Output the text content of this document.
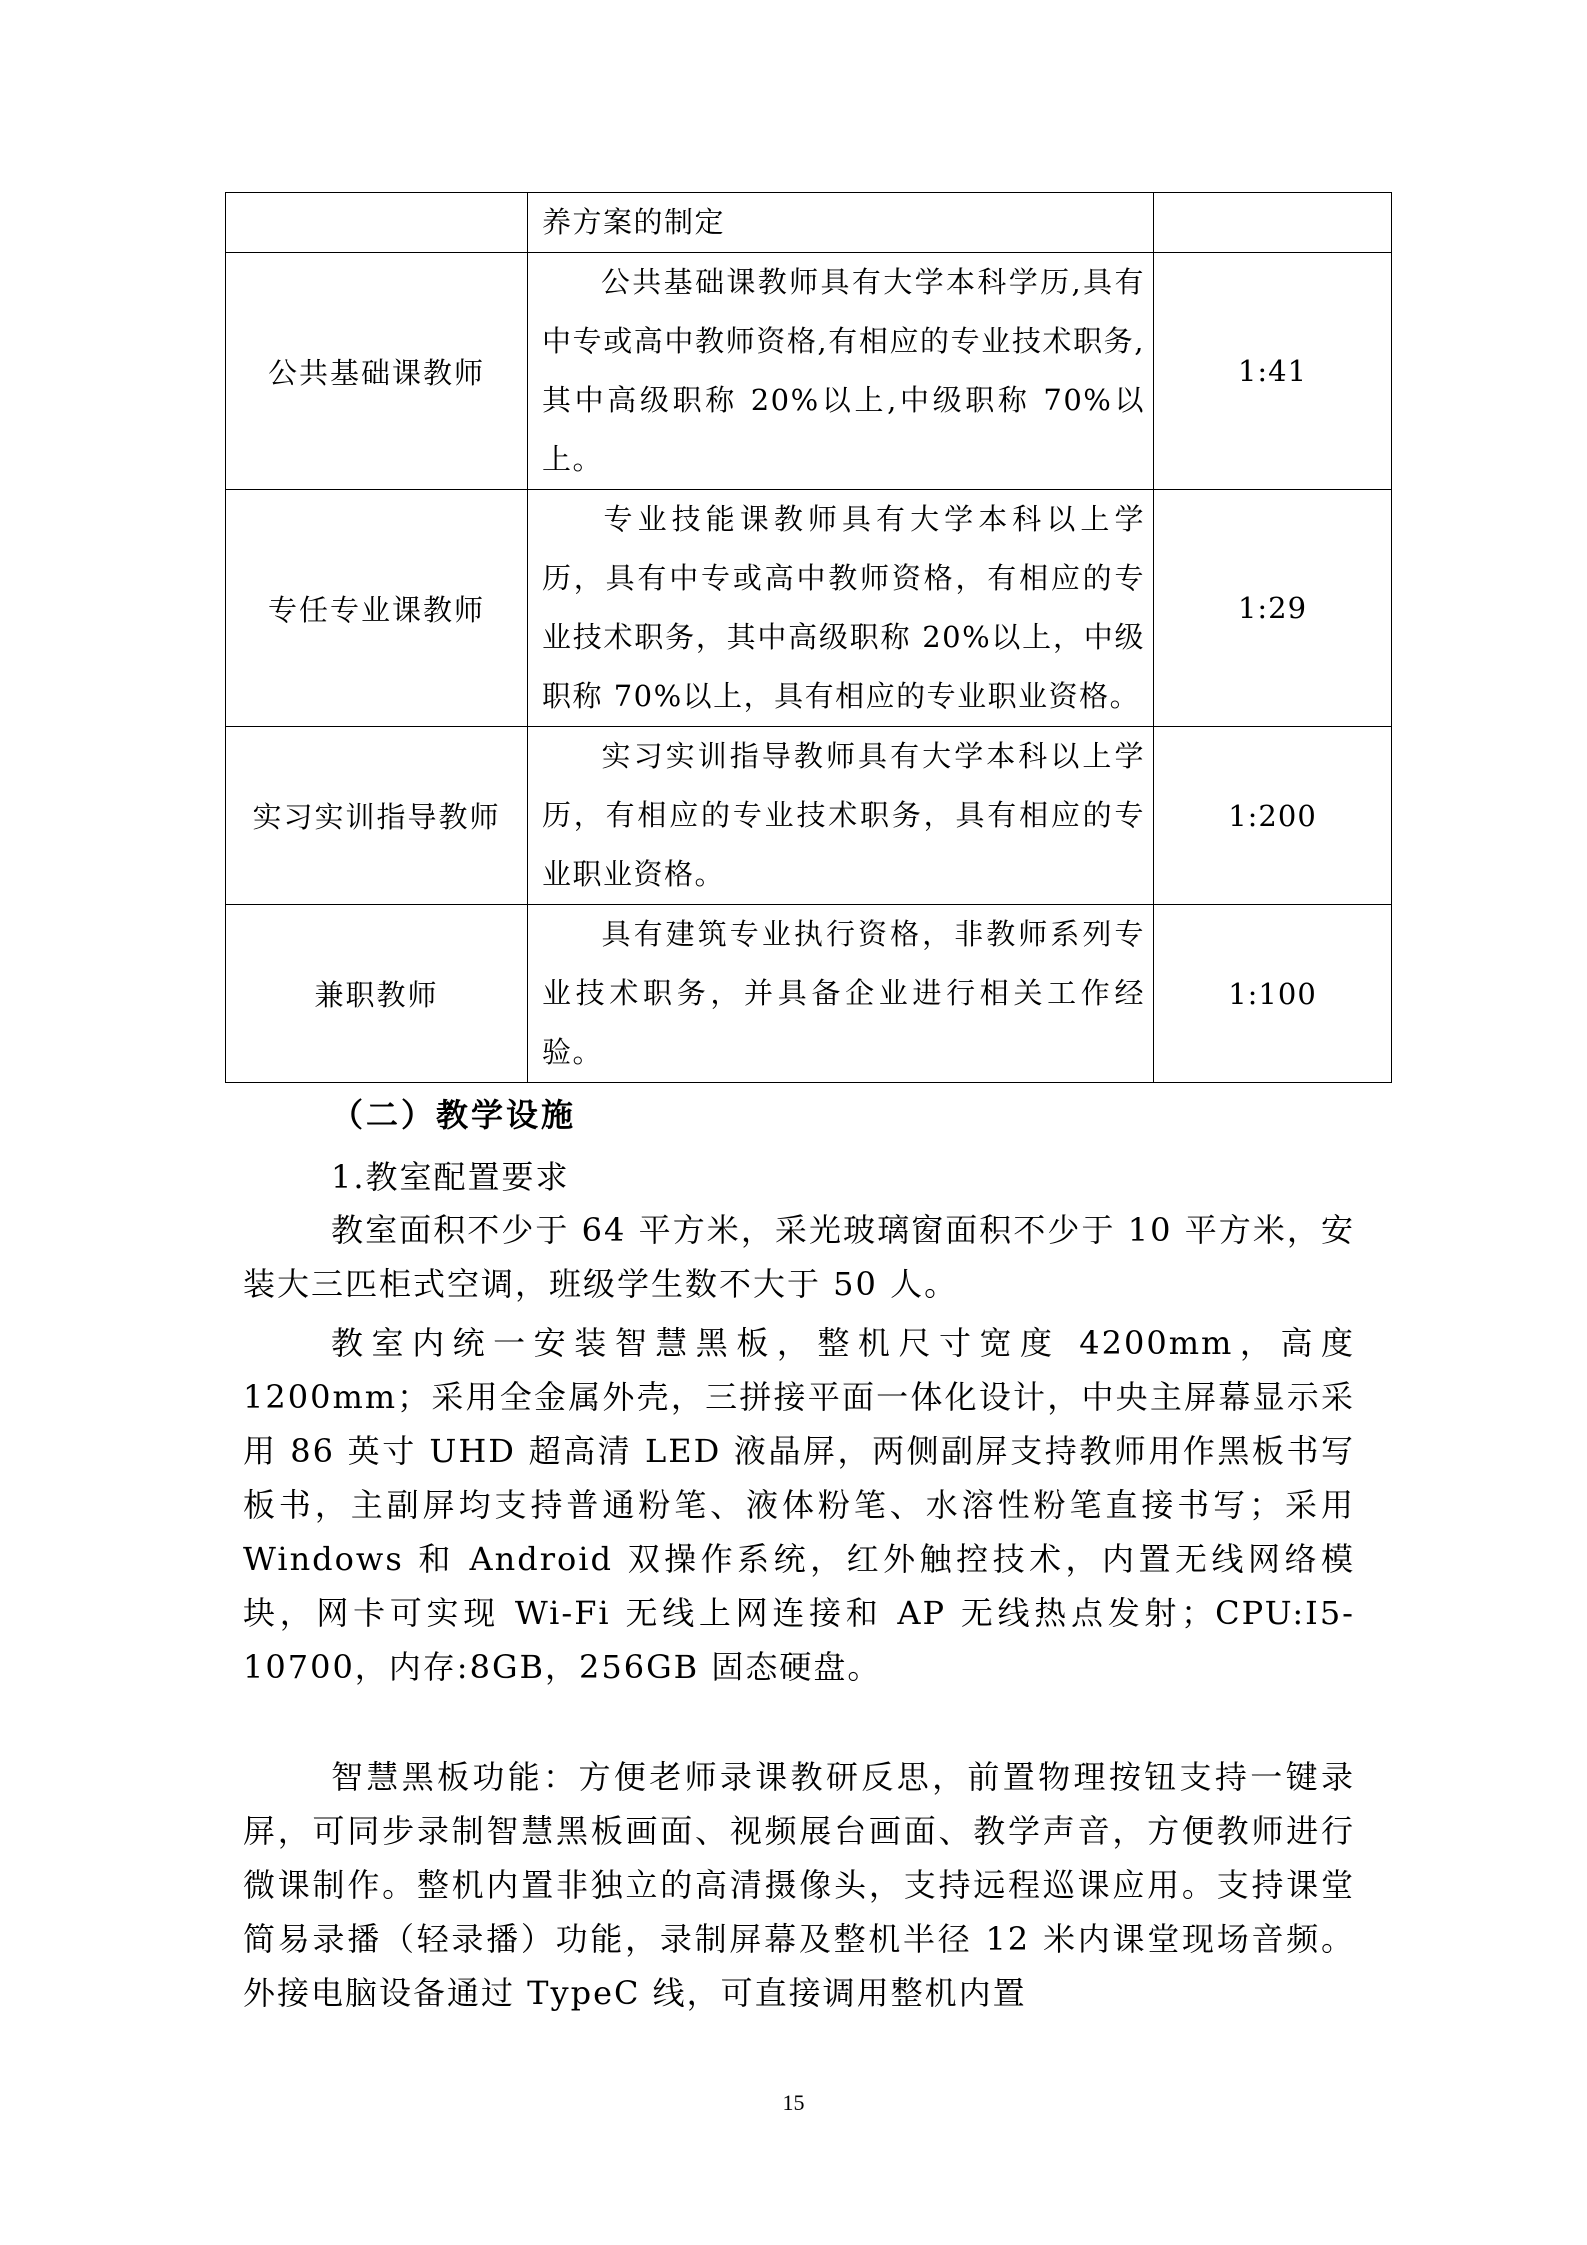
	养方案的制定	
公共基础课教师	公共基础课教师具有大学本科学历,具有中专或高中教师资格,有相应的专业技术职务,其中高级职称 20%以上,中级职称 70%以上。	1:41
专任专业课教师	专业技能课教师具有大学本科以上学历，具有中专或高中教师资格，有相应的专业技术职务，其中高级职称 20%以上，中级职称 70%以上，具有相应的专业职业资格。	1:29
实习实训指导教师	实习实训指导教师具有大学本科以上学历，有相应的专业技术职务，具有相应的专业职业资格。	1:200
兼职教师	具有建筑专业执行资格，非教师系列专业技术职务，并具备企业进行相关工作经验。	1:100
（二）教学设施
1.教室配置要求

教室面积不少于 64 平方米，采光玻璃窗面积不少于 10 平方米，安装大三匹柜式空调，班级学生数不大于 50 人。

教室内统一安装智慧黑板，整机尺寸宽度 4200mm，高度 1200mm；采用全金属外壳，三拼接平面一体化设计，中央主屏幕显示采用 86 英寸 UHD 超高清 LED 液晶屏，两侧副屏支持教师用作黑板书写板书，主副屏均支持普通粉笔、液体粉笔、水溶性粉笔直接书写；采用 Windows 和 Android 双操作系统，红外触控技术，内置无线网络模块，网卡可实现 Wi-Fi 无线上网连接和 AP 无线热点发射；CPU:I5-10700，内存:8GB，256GB 固态硬盘。

智慧黑板功能：方便老师录课教研反思，前置物理按钮支持一键录屏，可同步录制智慧黑板画面、视频展台画面、教学声音，方便教师进行微课制作。整机内置非独立的高清摄像头，支持远程巡课应用。支持课堂简易录播（轻录播）功能，录制屏幕及整机半径 12 米内课堂现场音频。外接电脑设备通过 TypeC 线，可直接调用整机内置

15
